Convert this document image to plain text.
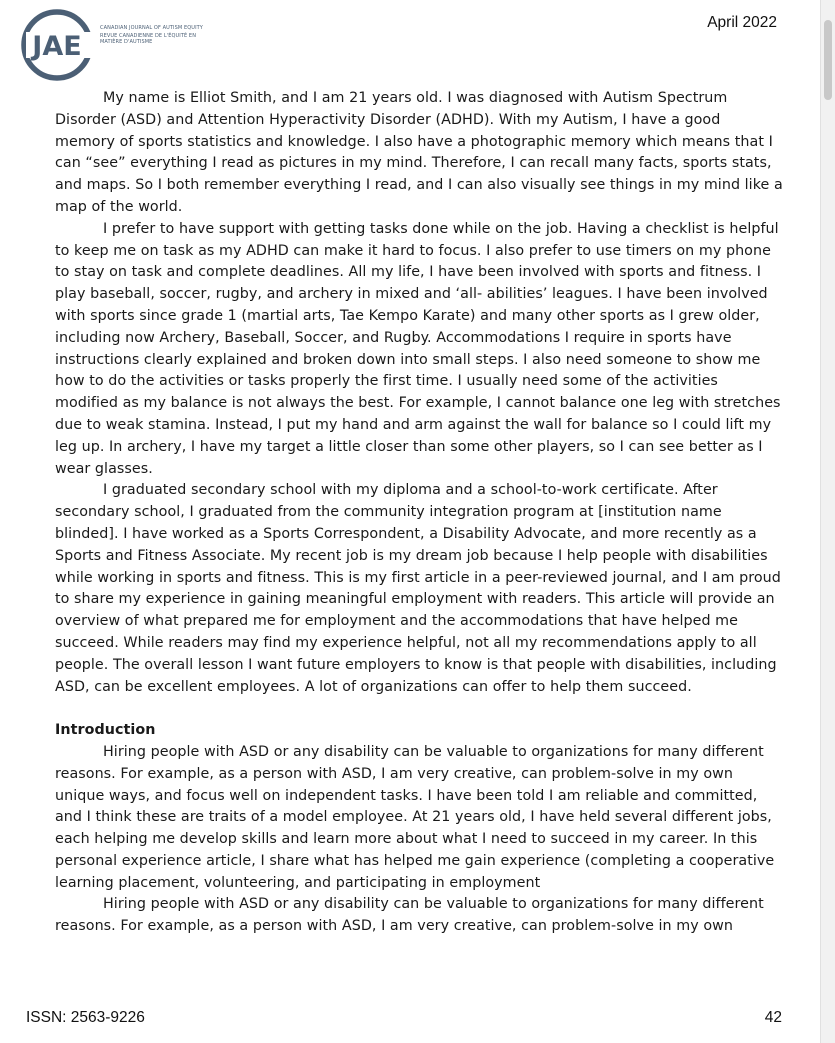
JAE
CANADIAN JOURNAL OF AUTISM EQUITY
REVUE CANADIENNE DE L'ÉQUITÉ EN MATIÈRE D'AUTISME
April 2022

My name is Elliot Smith, and I am 21 years old. I was diagnosed with Autism Spectrum Disorder (ASD) and Attention Hyperactivity Disorder (ADHD). With my Autism, I have a good memory of sports statistics and knowledge. I also have a photographic memory which means that I can “see” everything I read as pictures in my mind. Therefore, I can recall many facts, sports stats, and maps. So I both remember everything I read, and I can also visually see things in my mind like a map of the world.

I prefer to have support with getting tasks done while on the job. Having a checklist is helpful to keep me on task as my ADHD can make it hard to focus. I also prefer to use timers on my phone to stay on task and complete deadlines. All my life, I have been involved with sports and fitness. I play baseball, soccer, rugby, and archery in mixed and ‘all- abilities’ leagues. I have been involved with sports since grade 1 (martial arts, Tae Kempo Karate) and many other sports as I grew older, including now Archery, Baseball, Soccer, and Rugby. Accommodations I require in sports have instructions clearly explained and broken down into small steps. I also need someone to show me how to do the activities or tasks properly the first time. I usually need some of the activities modified as my balance is not always the best. For example, I cannot balance one leg with stretches due to weak stamina. Instead, I put my hand and arm against the wall for balance so I could lift my leg up. In archery, I have my target a little closer than some other players, so I can see better as I wear glasses.

I graduated secondary school with my diploma and a school-to-work certificate. After secondary school, I graduated from the community integration program at [institution name blinded]. I have worked as a Sports Correspondent, a Disability Advocate, and more recently as a Sports and Fitness Associate. My recent job is my dream job because I help people with disabilities while working in sports and fitness. This is my first article in a peer-reviewed journal, and I am proud to share my experience in gaining meaningful employment with readers. This article will provide an overview of what prepared me for employment and the accommodations that have helped me succeed. While readers may find my experience helpful, not all my recommendations apply to all people. The overall lesson I want future employers to know is that people with disabilities, including ASD, can be excellent employees. A lot of organizations can offer to help them succeed.

Introduction

Hiring people with ASD or any disability can be valuable to organizations for many different reasons. For example, as a person with ASD, I am very creative, can problem-solve in my own unique ways, and focus well on independent tasks. I have been told I am reliable and committed, and I think these are traits of a model employee. At 21 years old, I have held several different jobs, each helping me develop skills and learn more about what I need to succeed in my career. In this personal experience article, I share what has helped me gain experience (completing a cooperative learning placement, volunteering, and participating in employment

Hiring people with ASD or any disability can be valuable to organizations for many different reasons. For example, as a person with ASD, I am very creative, can problem-solve in my own

ISSN: 2563-9226	42
